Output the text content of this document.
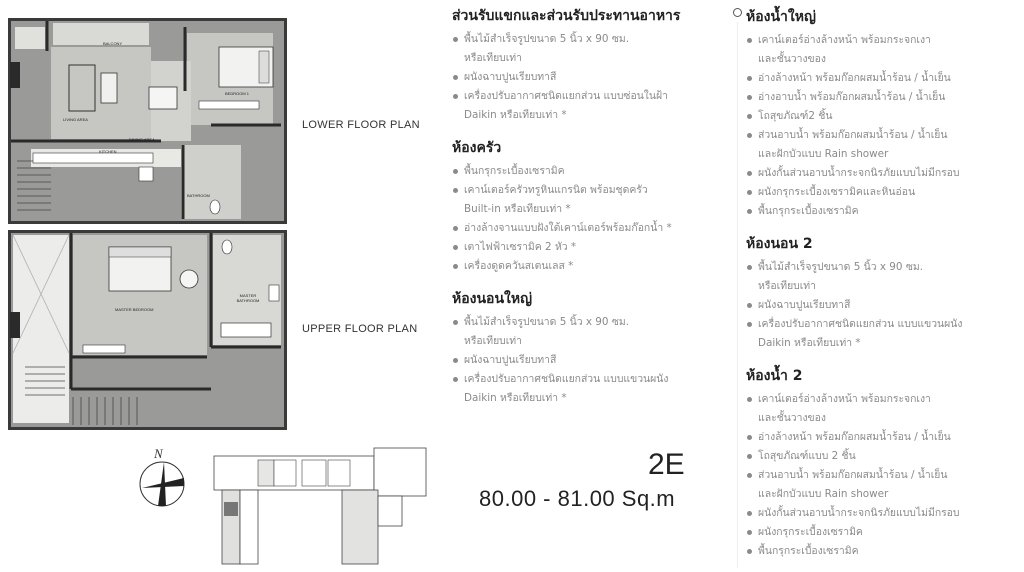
BALCONY
BEDROOM 1
LIVING AREA
DINING AREA
KITCHEN
BATHROOM
MASTER BEDROOM
MASTER BATHROOM
LOWER FLOOR PLAN
UPPER FLOOR PLAN
N	2E
80.00 - 81.00 Sq.m
ส่วนรับแขกและส่วนรับประทานอาหาร
พื้นไม้สำเร็จรูปขนาด 5 นิ้ว x 90 ซม.
หรือเทียบเท่า
ผนังฉาบปูนเรียบทาสี
เครื่องปรับอากาศชนิดแยกส่วน แบบซ่อนในฝ้า
Daikin หรือเทียบเท่า *
ห้องครัว
พื้นกรุกระเบื้องเซรามิค
เคาน์เตอร์ครัวทรูหินแกรนิต พร้อมชุดครัว
Built-in หรือเทียบเท่า *
อ่างล้างจานแบบฝังใต้เคาน์เตอร์พร้อมก๊อกน้ำ *
เตาไฟฟ้าเซรามิค 2 หัว *
เครื่องดูดควันสเตนเลส *
ห้องนอนใหญ่
พื้นไม้สำเร็จรูปขนาด 5 นิ้ว x 90 ซม.
หรือเทียบเท่า
ผนังฉาบปูนเรียบทาสี
เครื่องปรับอากาศชนิดแยกส่วน แบบแขวนผนัง
Daikin หรือเทียบเท่า *
ห้องน้ำใหญ่
เคาน์เตอร์อ่างล้างหน้า พร้อมกระจกเงา
และชั้นวางของ
อ่างล้างหน้า พร้อมก๊อกผสมน้ำร้อน / น้ำเย็น
อ่างอาบน้ำ พร้อมก๊อกผสมน้ำร้อน / น้ำเย็น
โถสุขภัณฑ์2 ชิ้น
ส่วนอาบน้ำ พร้อมก๊อกผสมน้ำร้อน / น้ำเย็น
และฝักบัวแบบ Rain shower
ผนังกั้นส่วนอาบน้ำกระจกนิรภัยแบบไม่มีกรอบ
ผนังกรุกระเบื้องเซรามิคและหินอ่อน
พื้นกรุกระเบื้องเซรามิค
ห้องนอน 2
พื้นไม้สำเร็จรูปขนาด 5 นิ้ว x 90 ซม.
หรือเทียบเท่า
ผนังฉาบปูนเรียบทาสี
เครื่องปรับอากาศชนิดแยกส่วน แบบแขวนผนัง
Daikin หรือเทียบเท่า *
ห้องน้ำ 2
เคาน์เตอร์อ่างล้างหน้า พร้อมกระจกเงา
และชั้นวางของ
อ่างล้างหน้า พร้อมก๊อกผสมน้ำร้อน / น้ำเย็น
โถสุขภัณฑ์แบบ 2 ชิ้น
ส่วนอาบน้ำ พร้อมก๊อกผสมน้ำร้อน / น้ำเย็น
และฝักบัวแบบ Rain shower
ผนังกั้นส่วนอาบน้ำกระจกนิรภัยแบบไม่มีกรอบ
ผนังกรุกระเบื้องเซรามิค
พื้นกรุกระเบื้องเซรามิค
